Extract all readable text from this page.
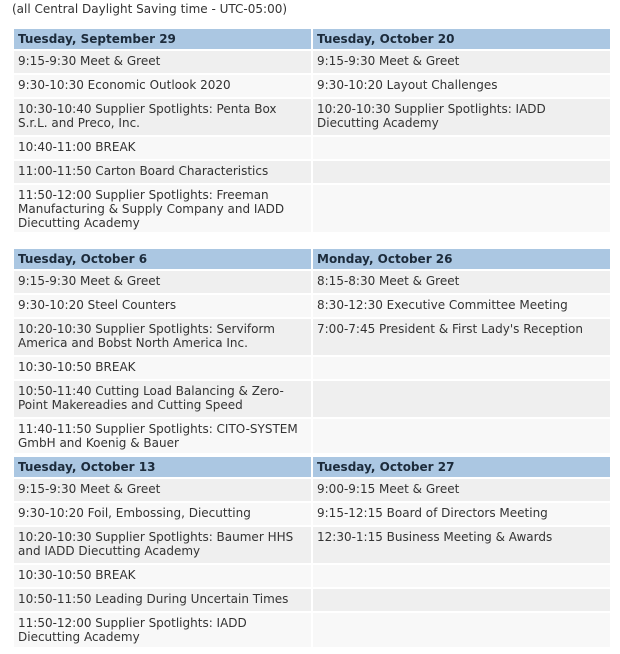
(all Central Daylight Saving time - UTC-05:00)
Tuesday, September 29	Tuesday, October 20
9:15-9:30 Meet & Greet	9:15-9:30 Meet & Greet
9:30-10:30 Economic Outlook 2020	9:30-10:20 Layout Challenges
10:30-10:40 Supplier Spotlights: Penta Box S.r.L. and Preco, Inc.	10:20-10:30 Supplier Spotlights: IADD Diecutting Academy
10:40-11:00 BREAK	
11:00-11:50 Carton Board Characteristics	
11:50-12:00 Supplier Spotlights: Freeman Manufacturing & Supply Company and IADD Diecutting Academy	
Tuesday, October 6	Monday, October 26
9:15-9:30 Meet & Greet	8:15-8:30 Meet & Greet
9:30-10:20 Steel Counters	8:30-12:30 Executive Committee Meeting
10:20-10:30 Supplier Spotlights: Serviform America and Bobst North America Inc.	7:00-7:45 President & First Lady's Reception
10:30-10:50 BREAK	
10:50-11:40 Cutting Load Balancing & Zero-Point Makereadies and Cutting Speed	
11:40-11:50 Supplier Spotlights: CITO-SYSTEM GmbH and Koenig & Bauer	
Tuesday, October 13	Tuesday, October 27
9:15-9:30 Meet & Greet	9:00-9:15 Meet & Greet
9:30-10:20 Foil, Embossing, Diecutting	9:15-12:15 Board of Directors Meeting
10:20-10:30 Supplier Spotlights: Baumer HHS and IADD Diecutting Academy	12:30-1:15 Business Meeting & Awards
10:30-10:50 BREAK	
10:50-11:50 Leading During Uncertain Times	
11:50-12:00 Supplier Spotlights: IADD Diecutting Academy	
